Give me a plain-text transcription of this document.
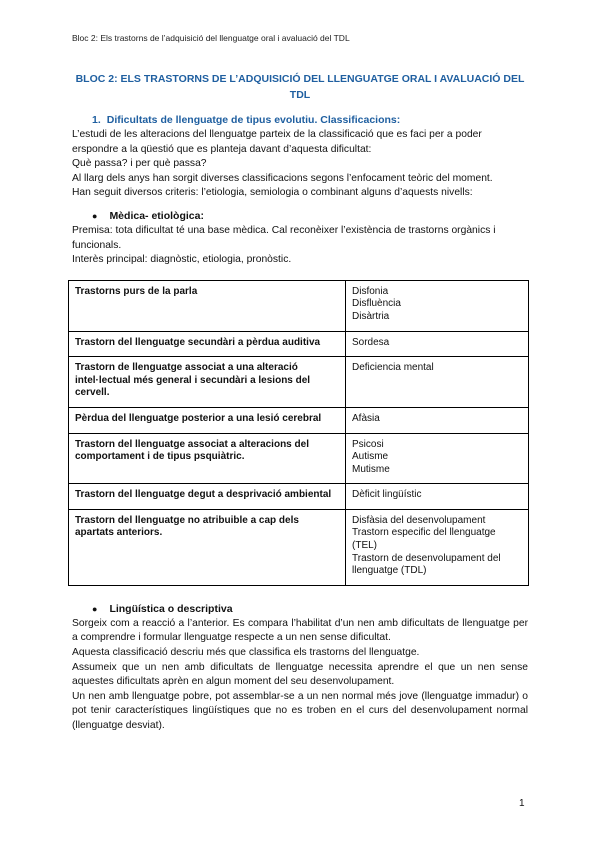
Bloc 2: Els trastorns de l’adquisició del llenguatge oral i avaluació del TDL
BLOC 2: ELS TRASTORNS DE L’ADQUISICIÓ DEL LLENGUATGE ORAL I AVALUACIÓ DEL TDL
1. Dificultats de llenguatge de tipus evolutiu. Classificacions:

L’estudi de les alteracions del llenguatge parteix de la classificació que es faci per a poder erspondre a la qüestió que es planteja davant d’aquesta dificultat:

Què passa? i per què passa?

Al llarg dels anys han sorgit diverses classificacions segons l’enfocament teòric del moment.

Han seguit diversos criteris: l’etiologia, semiologia o combinant alguns d’aquests nivells:

● Mèdica- etiològica:

Premisa: tota dificultat té una base mèdica. Cal reconèixer l’existència de trastorns orgànics i funcionals.

Interès principal: diagnòstic, etiologia, pronòstic.

Trastorns purs de la parla	Disfonia
Disfluència
Disàrtria

Trastorn del llenguatge secundàri a pèrdua auditiva	Sordesa

Trastorn de llenguatge associat a una alteració intel·lectual més general i secundàri a lesions del cervell.	Deficiencia mental

Pèrdua del llenguatge posterior a una lesió cerebral	Afàsia

Trastorn del llenguatge associat a alteracions del comportament i de tipus psquiàtric.	Psicosi
Autisme
Mutisme

Trastorn del llenguatge degut a desprivació ambiental	Dèficit lingüístic

Trastorn del llenguatge no atribuible a cap dels apartats anteriors.	Disfàsia del desenvolupament
Trastorn especific del llenguatge (TEL)
Trastorn de desenvolupament del llenguatge (TDL)
● Lingüística o descriptiva

Sorgeix com a reacció a l’anterior. Es compara l’habilitat d’un nen amb dificultats de llenguatge per a comprendre i formular llenguatge respecte a un nen sense dificultat.

Aquesta classificació descriu més que classifica els trastorns del llenguatge.

Assumeix que un nen amb dificultats de llenguatge necessita aprendre el que un nen sense aquestes dificultats aprèn en algun moment del seu desenvolupament.

Un nen amb llenguatge pobre, pot assemblar-se a un nen normal més jove (llenguatge immadur) o pot tenir característiques lingüístiques que no es troben en el curs del desenvolupament normal (llenguatge desviat).

1
